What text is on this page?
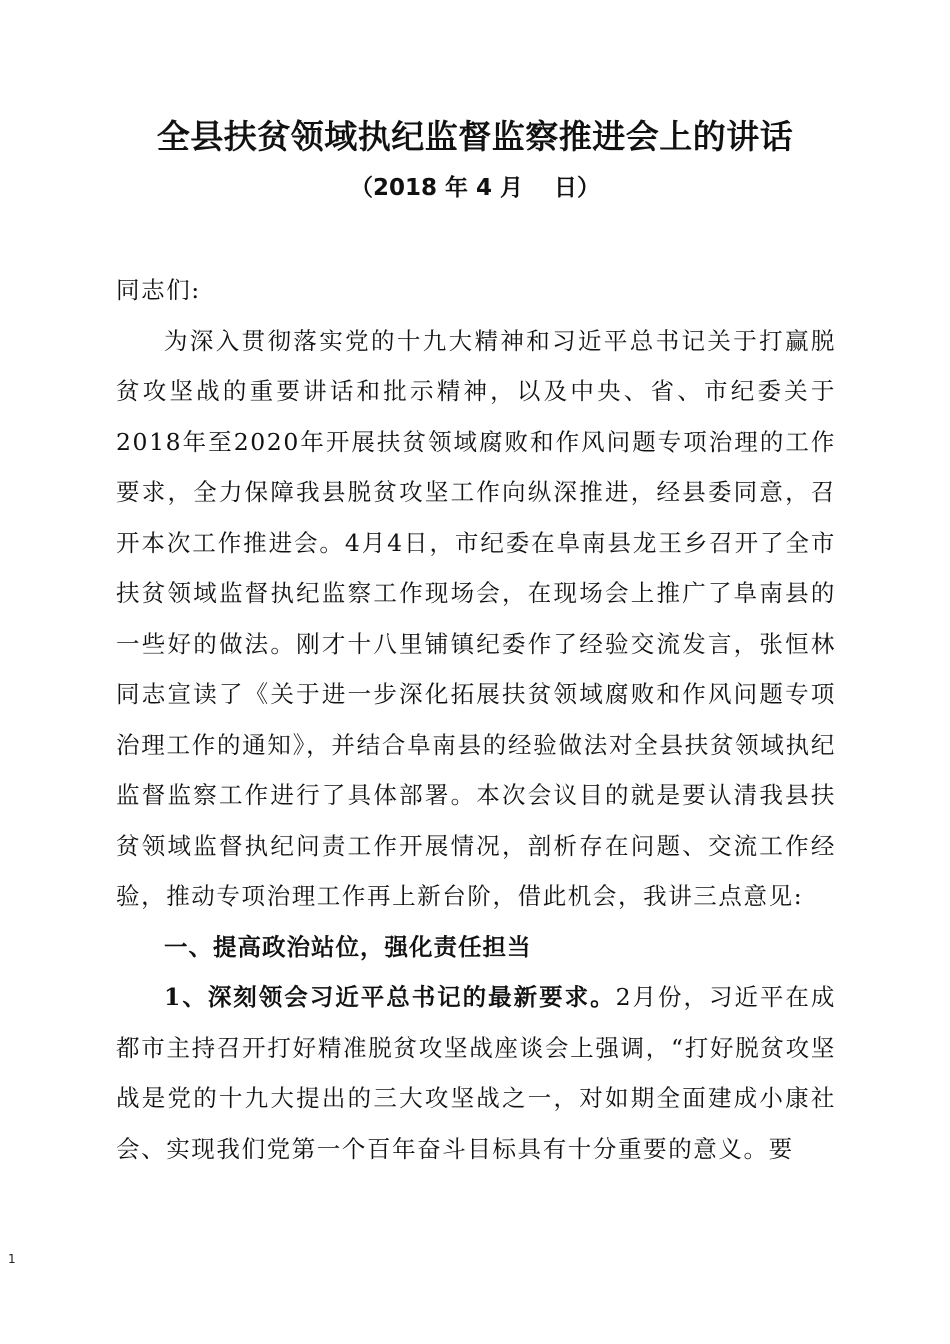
全县扶贫领域执纪监督监察推进会上的讲话
（2018 年 4 月　 日）

同志们:

为深入贯彻落实党的十九大精神和习近平总书记关于打赢脱贫攻坚战的重要讲话和批示精神，以及中央、省、市纪委关于2018年至2020年开展扶贫领域腐败和作风问题专项治理的工作要求，全力保障我县脱贫攻坚工作向纵深推进，经县委同意，召开本次工作推进会。4月4日，市纪委在阜南县龙王乡召开了全市扶贫领域监督执纪监察工作现场会，在现场会上推广了阜南县的一些好的做法。刚才十八里铺镇纪委作了经验交流发言，张恒林同志宣读了《关于进一步深化拓展扶贫领域腐败和作风问题专项治理工作的通知》，并结合阜南县的经验做法对全县扶贫领域执纪监督监察工作进行了具体部署。本次会议目的就是要认清我县扶贫领域监督执纪问责工作开展情况，剖析存在问题、交流工作经验，推动专项治理工作再上新台阶，借此机会，我讲三点意见:

一、提高政治站位，强化责任担当

1、深刻领会习近平总书记的最新要求。2月份，习近平在成都市主持召开打好精准脱贫攻坚战座谈会上强调，“打好脱贫攻坚战是党的十九大提出的三大攻坚战之一，对如期全面建成小康社会、实现我们党第一个百年奋斗目标具有十分重要的意义。要

1
